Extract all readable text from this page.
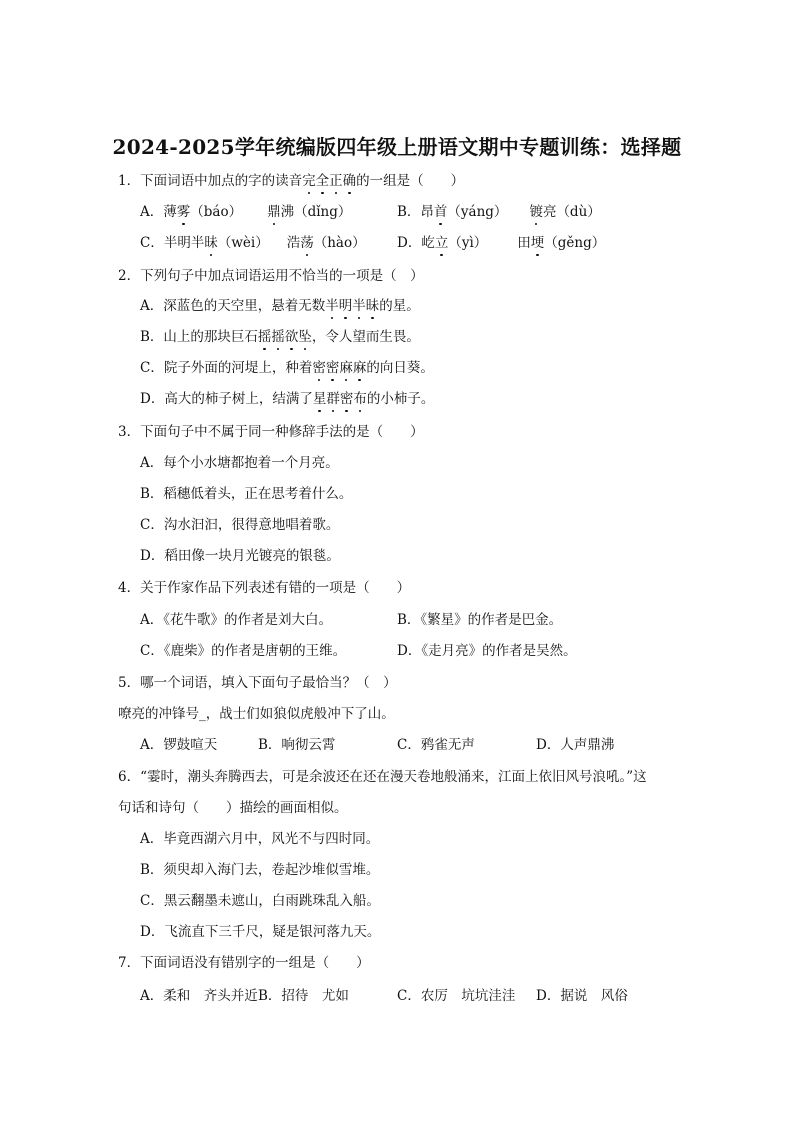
2024-2025学年统编版四年级上册语文期中专题训练：选择题
1．下面词语中加点的字的读音完全正确的一组是（　　）
A．薄雾（báo） 鼎沸（dǐng）	B．昂首（yáng） 镀亮（dù）
C．半明半昧（wèi） 浩荡（hào） D．屹立（yì） 田埂（gěng）
2．下列句子中加点词语运用不恰当的一项是（　）
A．深蓝色的天空里，悬着无数半明半昧的星。
B．山上的那块巨石摇摇欲坠，令人望而生畏。
C．院子外面的河堤上，种着密密麻麻的向日葵。
D．高大的柿子树上，结满了星群密布的小柿子。
3．下面句子中不属于同一种修辞手法的是（　　）
A．每个小水塘都抱着一个月亮。
B．稻穗低着头，正在思考着什么。
C．沟水汩汩，很得意地唱着歌。
D．稻田像一块月光镀亮的银毯。
4．关于作家作品下列表述有错的一项是（　　）
A．《花牛歌》的作者是刘大白。	B．《繁星》的作者是巴金。
C．《鹿柴》的作者是唐朝的王维。	D．《走月亮》的作者是吴然。
5．哪一个词语，填入下面句子最恰当？（　）
嘹亮的冲锋号_，战士们如狼似虎般冲下了山。
A．锣鼓喧天	B．响彻云霄	C．鸦雀无声	D．人声鼎沸
6．“霎时，潮头奔腾西去，可是余波还在还在漫天卷地般涌来，江面上依旧风号浪吼。”这
句话和诗句（　　）描绘的画面相似。
A．毕竟西湖六月中，风光不与四时同。
B．须臾却入海门去，卷起沙堆似雪堆。
C．黑云翻墨未遮山，白雨跳珠乱入船。
D．飞流直下三千尺，疑是银河落九天。
7．下面词语没有错别字的一组是（　　）
A．柔和　齐头并近 B．招待　尤如	C．农厉　坑坑洼洼 D．据说　风俗
